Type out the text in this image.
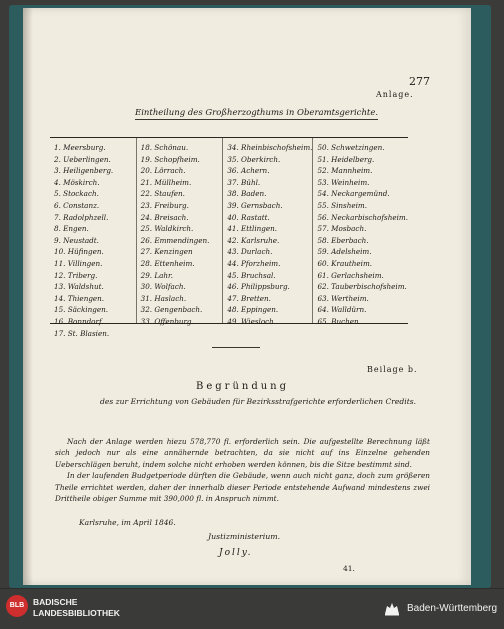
277
Anlage.
Eintheilung des Großherzogthums in Oberamtsgerichte.
1. Meersburg.
2. Ueberlingen.
3. Heiligenberg.
4. Möskirch.
5. Stockach.
6. Constanz.
7. Radolphzell.
8. Engen.
9. Neustadt.
10. Hüfingen.
11. Villingen.
12. Triberg.
13. Waldshut.
14. Thiengen.
15. Säckingen.
16. Bonndorf.
17. St. Blasien.
18. Schönau.
19. Schopfheim.
20. Lörrach.
21. Müllheim.
22. Staufen.
23. Freiburg.
24. Breisach.
25. Waldkirch.
26. Emmendingen.
27. Kenzingen
28. Ettenheim.
29. Lahr.
30. Wolfach.
31. Haslach.
32. Gengenbach.
33. Offenburg.
34. Rheinbischofsheim.
35. Oberkirch.
36. Achern.
37. Bühl.
38. Baden.
39. Gernsbach.
40. Rastatt.
41. Ettlingen.
42. Karlsruhe.
43. Durlach.
44. Pforzheim.
45. Bruchsal.
46. Philippsburg.
47. Bretten.
48. Eppingen.
49. Wiesloch.
50. Schwetzingen.
51. Heidelberg.
52. Mannheim.
53. Weinheim.
54. Neckargemünd.
55. Sinsheim.
56. Neckarbischofsheim.
57. Mosbach.
58. Eberbach.
59. Adelsheim.
60. Krautheim.
61. Gerlachsheim.
62. Tauberbischofsheim.
63. Wertheim.
64. Walldürn.
65. Buchen.
Beilage b.
Begründung
des zur Errichtung von Gebäuden für Bezirksstrafgerichte erforderlichen Credits.

Nach der Anlage werden hiezu 578,770 fl. erforderlich sein. Die aufgestellte Berechnung läßt sich jedoch nur als eine annähernde betrachten, da sie nicht auf ins Einzelne gehenden Ueberschlägen beruht, indem solche nicht erhoben werden können, bis die Sitze bestimmt sind.

In der laufenden Budgetperiode dürften die Gebäude, wenn auch nicht ganz, doch zum größeren Theile errichtet werden, daher der innerhalb dieser Periode entstehende Aufwand mindestens zwei Drittheile obiger Summe mit 390,000 fl. in Anspruch nimmt.

Karlsruhe, im April 1846.
Justizministerium.
Jolly.
41.
BLB	BADISCHE
LANDESBIBLIOTHEK	Baden-Württemberg
